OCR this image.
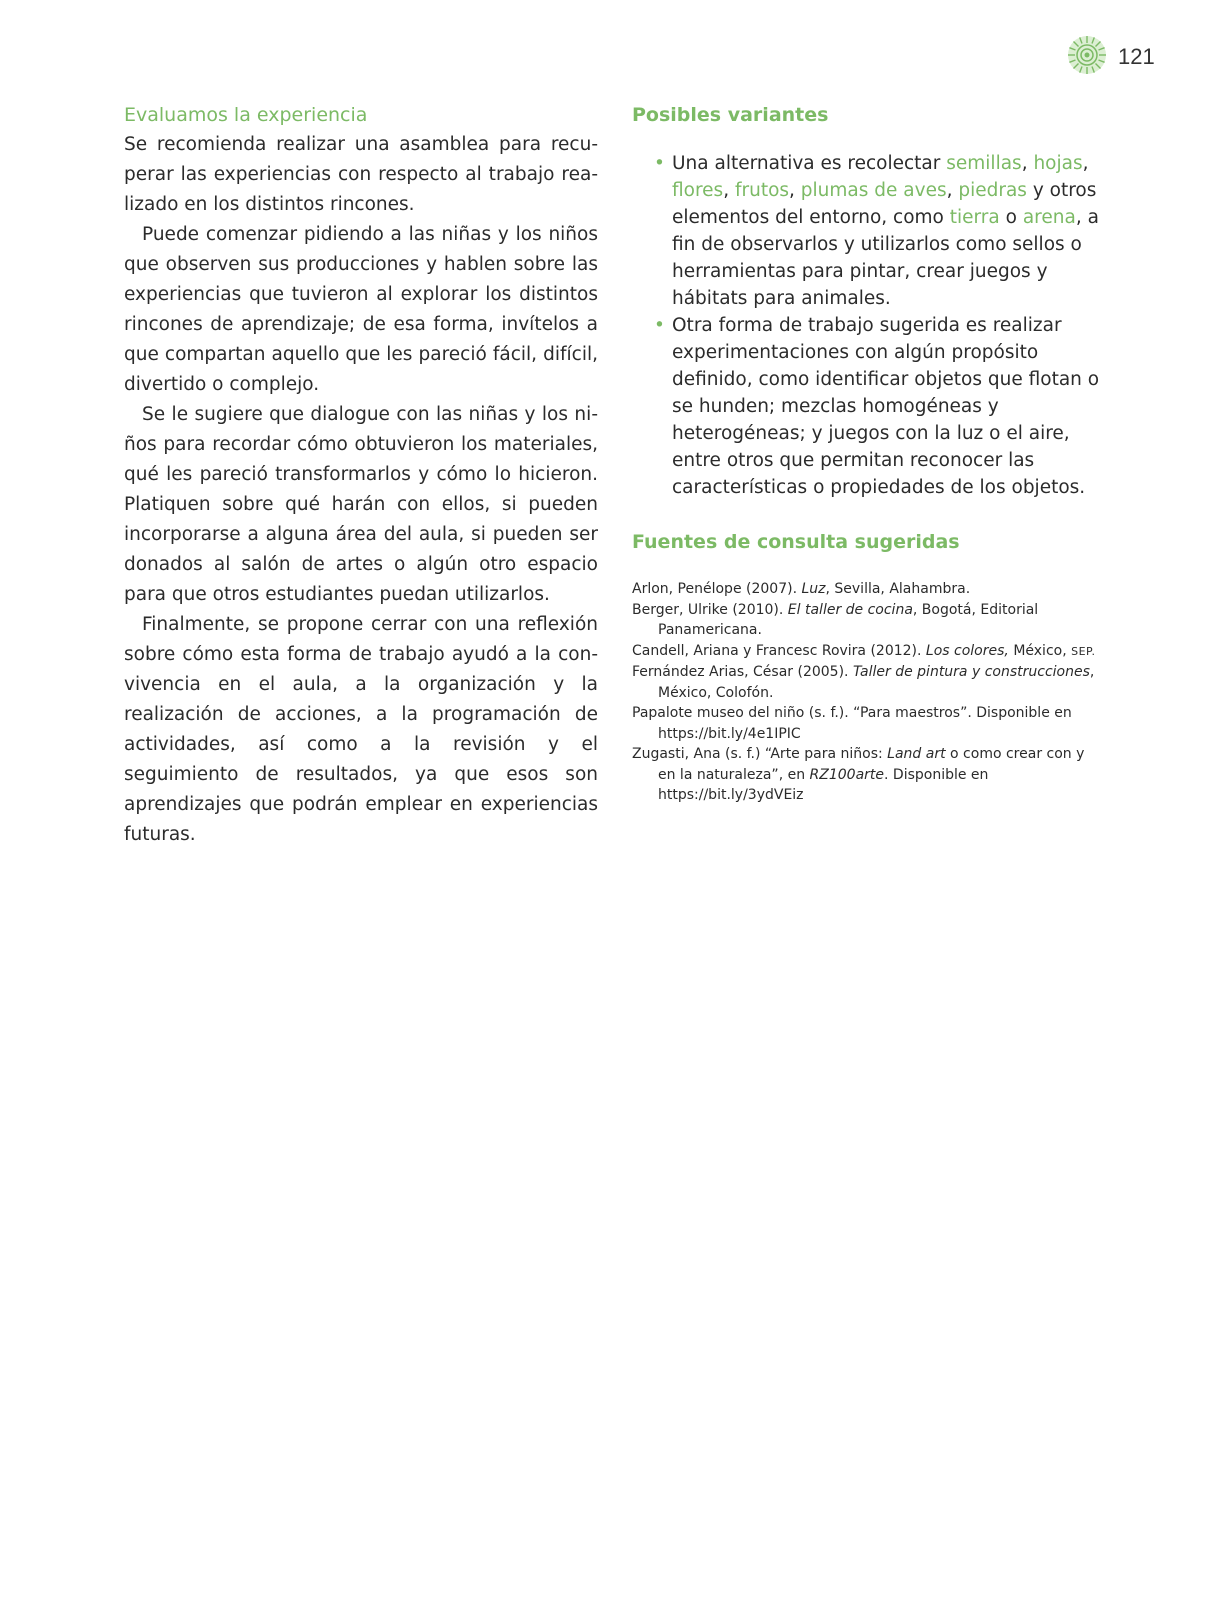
121
Evaluamos la experiencia

Se recomienda realizar una asamblea para recuperar las experiencias con respecto al trabajo realizado en los distintos rincones.

Puede comenzar pidiendo a las niñas y los niños que observen sus producciones y hablen sobre las experiencias que tuvieron al explorar los distintos rincones de aprendizaje; de esa forma, invítelos a que compartan aquello que les pareció fácil, difícil, divertido o complejo.

Se le sugiere que dialogue con las niñas y los niños para recordar cómo obtuvieron los materiales, qué les pareció transformarlos y cómo lo hicieron. Platiquen sobre qué harán con ellos, si pueden incorporarse a alguna área del aula, si pueden ser donados al salón de artes o algún otro espacio para que otros estudiantes puedan utilizarlos.

Finalmente, se propone cerrar con una reflexión sobre cómo esta forma de trabajo ayudó a la convivencia en el aula, a la organización y la realización de acciones, a la programación de actividades, así como a la revisión y el seguimiento de resultados, ya que esos son aprendizajes que podrán emplear en experiencias futuras.

Posibles variantes
• Una alternativa es recolectar semillas, hojas, flores, frutos, plumas de aves, piedras y otros elementos del entorno, como tierra o arena, a fin de observarlos y utilizarlos como sellos o herramientas para pintar, crear juegos y hábitats para animales.
• Otra forma de trabajo sugerida es realizar experimentaciones con algún propósito definido, como identificar objetos que flotan o se hunden; mezclas homogéneas y heterogéneas; y juegos con la luz o el aire, entre otros que permitan reconocer las características o propiedades de los objetos.
Fuentes de consulta sugeridas

Arlon, Penélope (2007). Luz, Sevilla, Alahambra.

Berger, Ulrike (2010). El taller de cocina, Bogotá, Editorial Panamericana.

Candell, Ariana y Francesc Rovira (2012). Los colores, México, SEP.

Fernández Arias, César (2005). Taller de pintura y construcciones, México, Colofón.

Papalote museo del niño (s. f.). “Para maestros”. Disponible en https://bit.ly/4e1IPIC

Zugasti, Ana (s. f.) “Arte para niños: Land art o como crear con y en la naturaleza”, en RZ100arte. Disponible en https://bit.ly/3ydVEiz
